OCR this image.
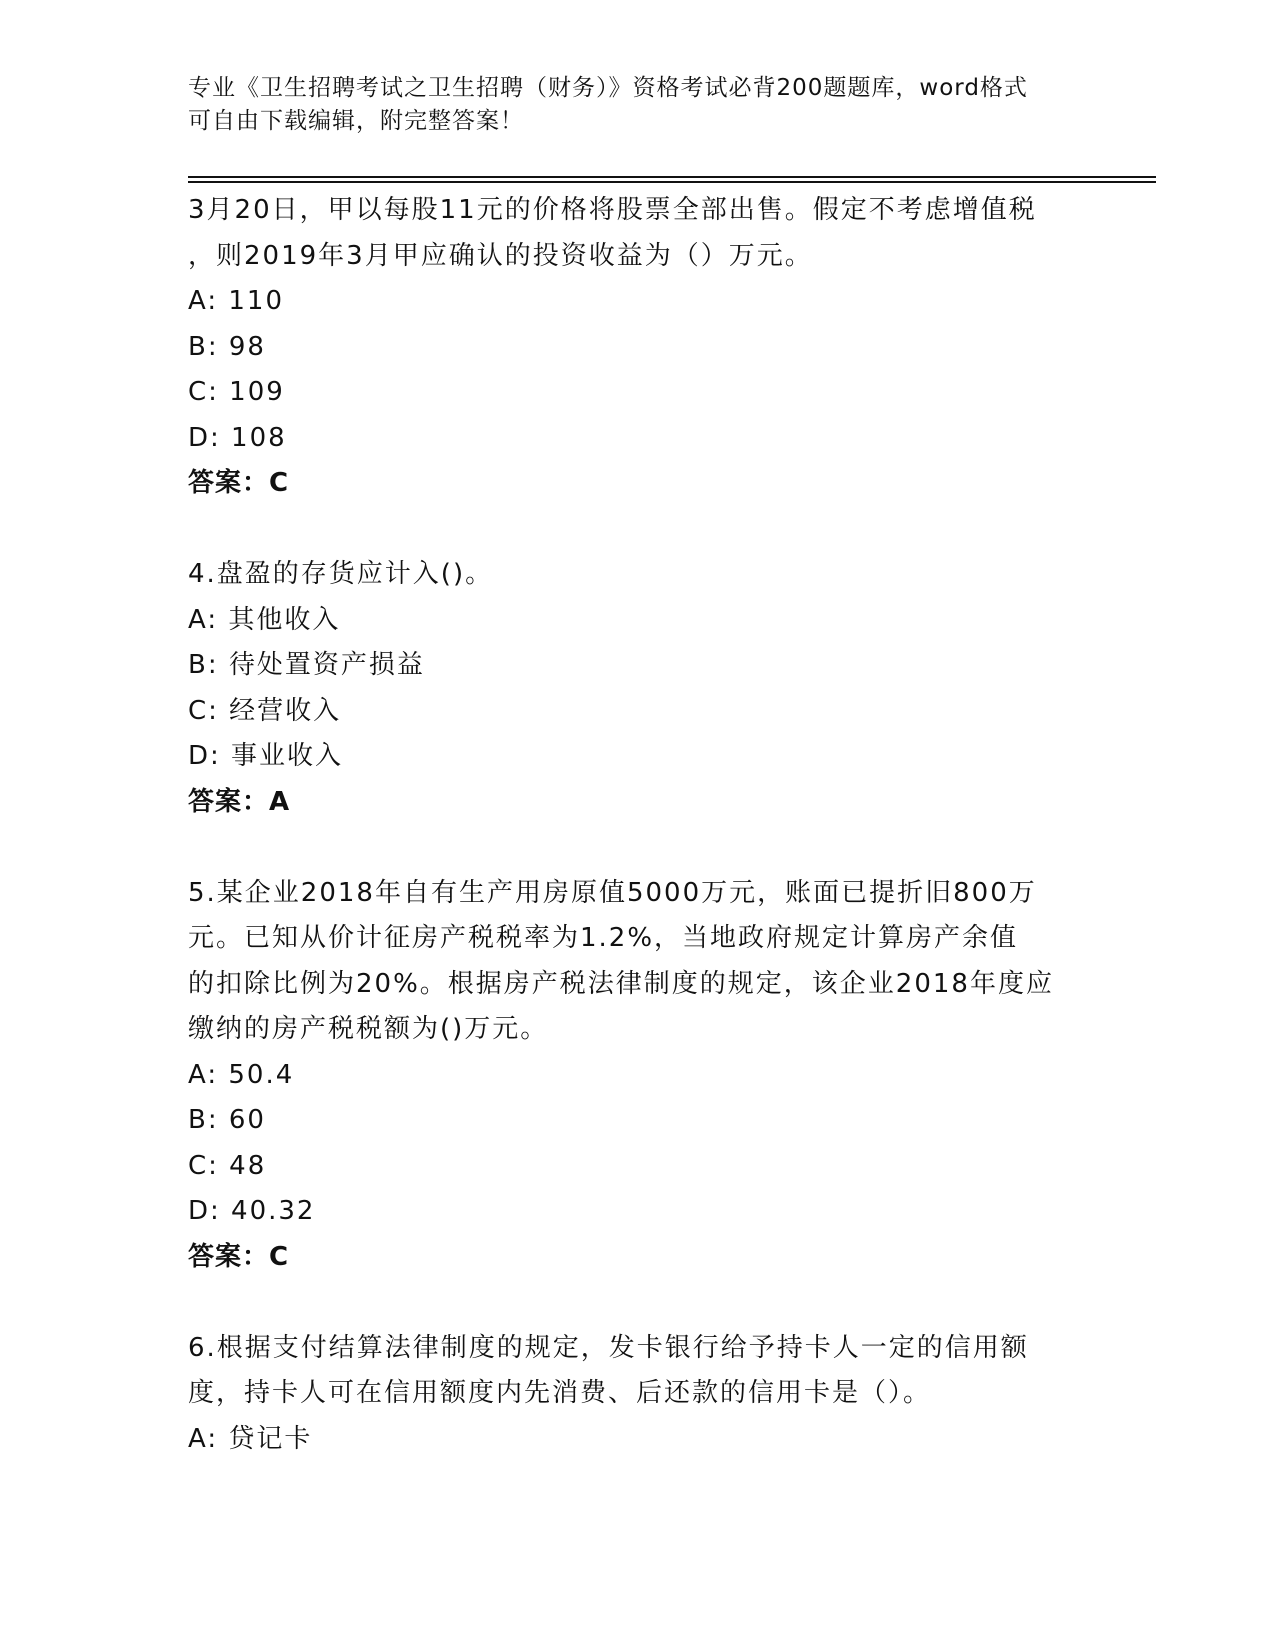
专业《卫生招聘考试之卫生招聘（财务）》资格考试必背200题题库，word格式
可自由下载编辑，附完整答案！
3月20日，甲以每股11元的价格将股票全部出售。假定不考虑增值税
，则2019年3月甲应确认的投资收益为（）万元。
A: 110
B: 98
C: 109
D: 108
答案：C
4.盘盈的存货应计入()。
A: 其他收入
B: 待处置资产损益
C: 经营收入
D: 事业收入
答案：A
5.某企业2018年自有生产用房原值5000万元，账面已提折旧800万
元。已知从价计征房产税税率为1.2%，当地政府规定计算房产余值
的扣除比例为20%。根据房产税法律制度的规定，该企业2018年度应
缴纳的房产税税额为()万元。
A: 50.4
B: 60
C: 48
D: 40.32
答案：C
6.根据支付结算法律制度的规定，发卡银行给予持卡人一定的信用额
度，持卡人可在信用额度内先消费、后还款的信用卡是（）。
A: 贷记卡
